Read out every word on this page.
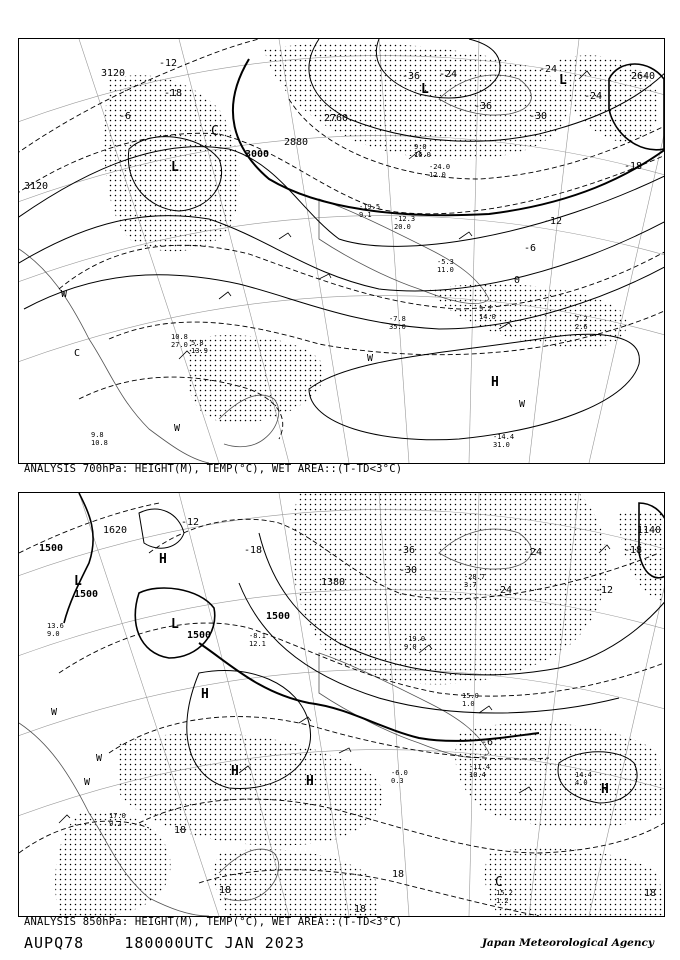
3120
3000
2760
2640
2880
3120
-12
-18
-24
-36
-30
-24
-18
-12
-6
0
-36 -24
-6
L
L
H
L
C
W
W
W
C
W
9.0
16.0
10.8
27.0 5.8
13.9
-12.3
20.0
-7.8
35.0
5.2
14.0	7.2
2.6
-14.4
31.0
9.8
10.8
-24.0
12.0
-19.5
9.1
-5.3
11.0
ANALYSIS 700hPa: HEIGHT(M), TEMP(°C), WET AREA::(T-TD<3°C)
1620
1500
1500
1500
1380
1500
1140
-12
-18	-24
-30
-36
-24
-18
-12
-6
18
18
18
18
18
L
L
H
H
H
H
H
C
W
W
W
15.0
1.0
-11.4
10.4
-6.0
0.3
14.4
4.0
15.2
1.2
-28.7
3.7
-19.0
9.0
13.6
9.0
17.0
9.2
-8.1
12.1
ANALYSIS 850hPa: HEIGHT(M), TEMP(°C), WET AREA::(T-TD<3°C)
AUPQ78	180000UTC JAN 2023	Japan Meteorological Agency
